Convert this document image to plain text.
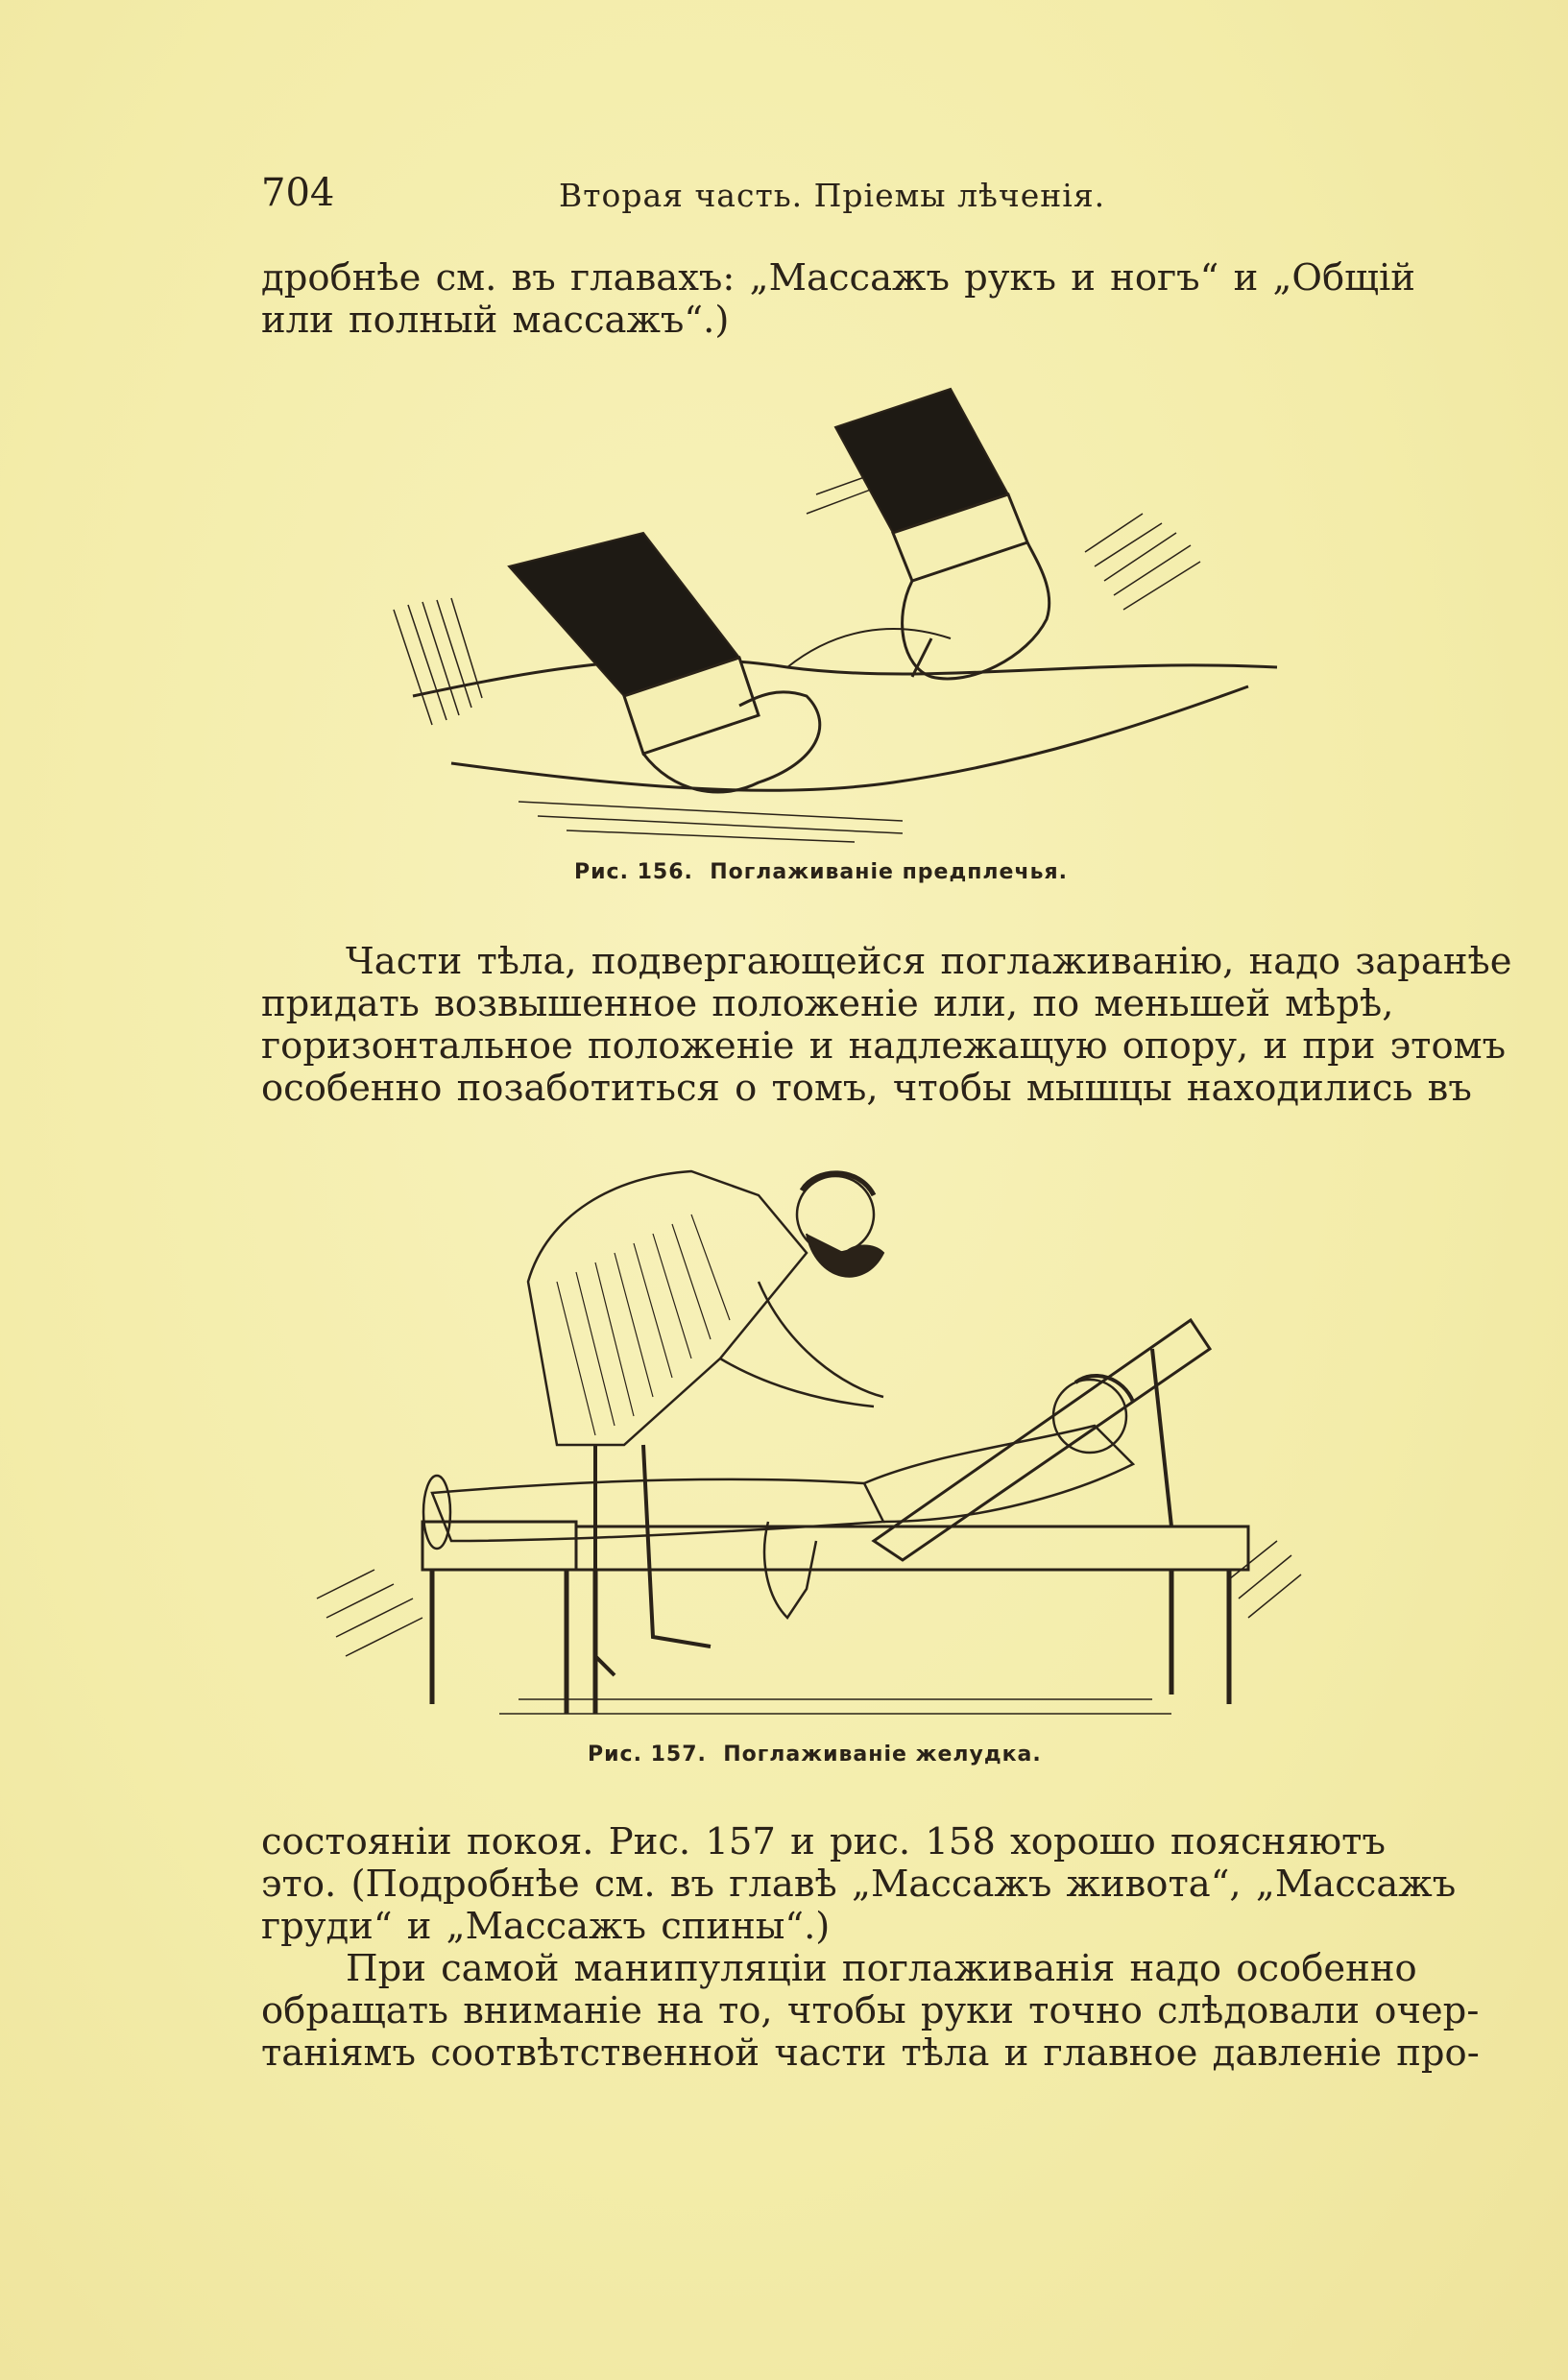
704	Вторая часть. Пріемы лѣченія.
дробнѣе см. въ главахъ: „Массажъ рукъ и ногъ“ и „Общій
или полный массажъ“.)
Рис. 156. Поглаживаніе предплечья.
Части тѣла, подвергающейся поглаживанію, надо заранѣе
придать возвышенное положеніе или, по меньшей мѣрѣ,
горизонтальное положеніе и надлежащую опору, и при этомъ
особенно позаботиться о томъ, чтобы мышцы находились въ
Рис. 157. Поглаживаніе желудка.
состояніи покоя. Рис. 157 и рис. 158 хорошо поясняютъ
это. (Подробнѣе см. въ главѣ „Массажъ живота“, „Массажъ
груди“ и „Массажъ спины“.)
При самой манипуляціи поглаживанія надо особенно
обращать вниманіе на то, чтобы руки точно слѣдовали очер-
таніямъ соотвѣтственной части тѣла и главное давленіе про-
